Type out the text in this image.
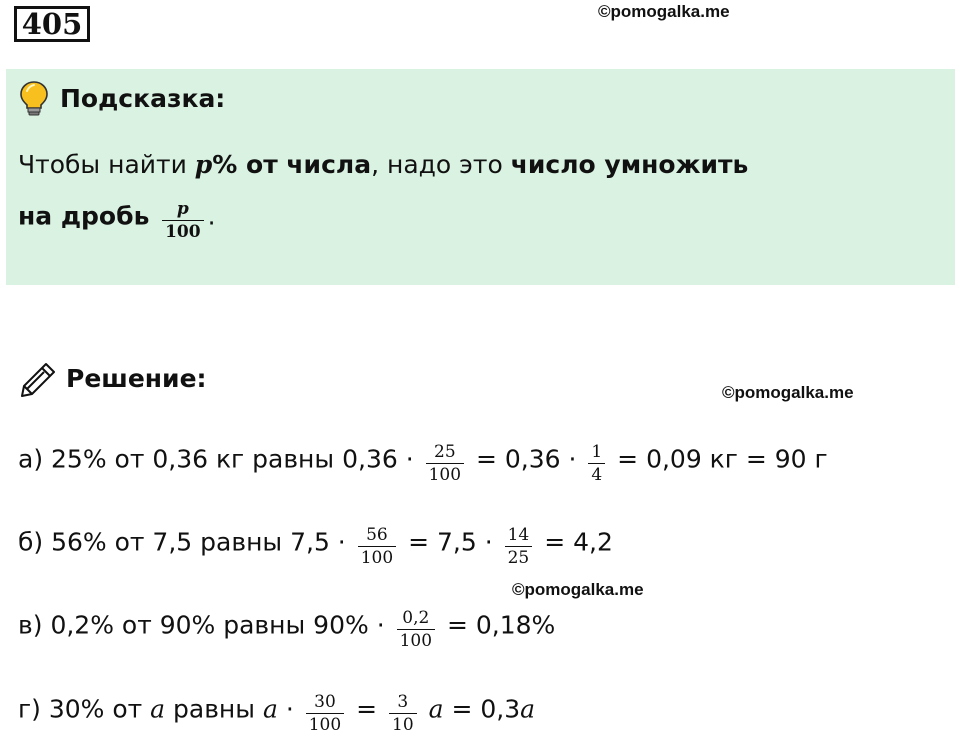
405	©pomogalka.me
Подсказка:
Чтобы найти p% от числа, надо это число умножить
на дробь $\frac{p}{100}$ .
Решение:	©pomogalka.me
а) 25% от 0,36 кг равны $0,36 \cdot \frac{25}{100} = 0,36 \cdot \frac{1}{4} = 0,09$ кг = 90 г
б) 56% от 7,5 равны $7,5 \cdot \frac{56}{100} = 7,5 \cdot \frac{14}{25} = 4,2$
©pomogalka.me
в) 0,2% от 90% равны $90\% \cdot \frac{0,2}{100} = 0,18\%$
г) 30% от a равны $a \cdot \frac{30}{100} = \frac{3}{10}$ a = 0,3a
